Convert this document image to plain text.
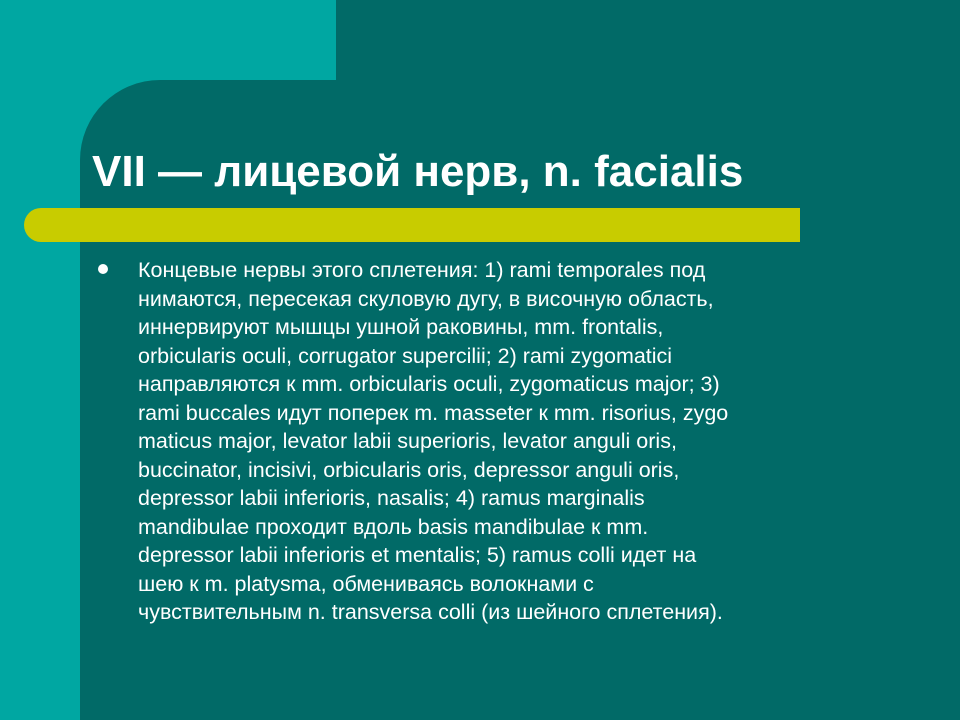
VII — лицевой нерв, n. facialis
Концевые нервы этого сплетения: 1) rami temporales под
нимаются, пересекая скуловую дугу, в височную область,
иннервируют мышцы ушной раковины, mm. frontalis,
orbicularis oculi, corrugator supercilii; 2) rami zygomatici
направляются к mm. orbicularis oculi, zygomaticus major; 3)
rami buccales идут поперек m. masseter к mm. risorius, zygo
maticus major, levator labii superioris, levator anguli oris,
buccinator, incisivi, orbicularis oris, depressor anguli oris,
depressor labii inferioris, nasalis; 4) ramus marginalis
mandibulae проходит вдоль basis mandibulae к mm.
depressor labii inferioris et mentalis; 5) ramus colli идет на
шею к m. platysma, обмениваясь волокнами с
чувствительным n. transversa colli (из шейного сплетения).
